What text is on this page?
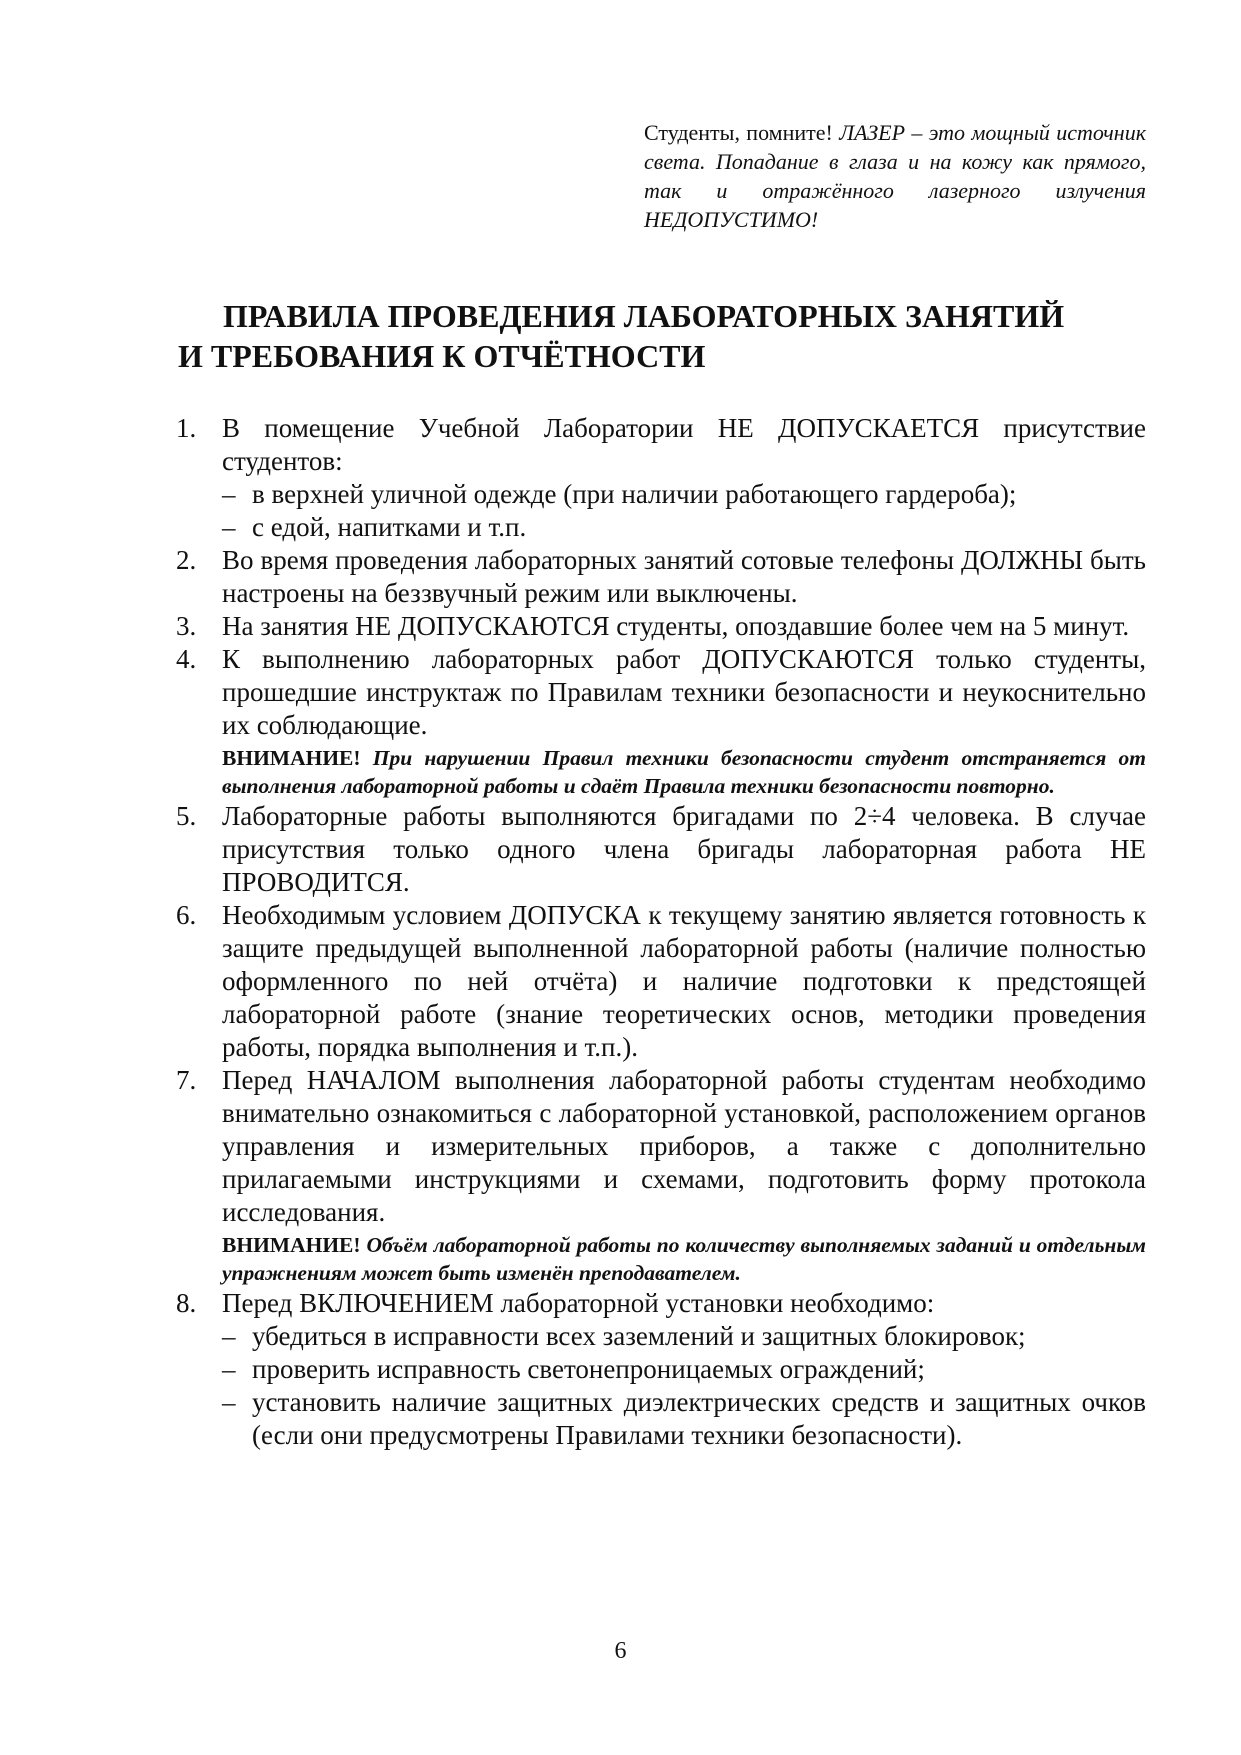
Студенты, помните! ЛАЗЕР – это мощный источник света. Попадание в глаза и на кожу как прямого, так и отражённого лазерного излучения НЕДОПУСТИМО!
ПРАВИЛА ПРОВЕДЕНИЯ ЛАБОРАТОРНЫХ ЗАНЯТИЙ
И ТРЕБОВАНИЯ К ОТЧЁТНОСТИ
1. В помещение Учебной Лаборатории НЕ ДОПУСКАЕТСЯ присутствие студентов:
– в верхней уличной одежде (при наличии работающего гардероба);
– с едой, напитками и т.п.
2. Во время проведения лабораторных занятий сотовые телефоны ДОЛЖНЫ быть настроены на беззвучный режим или выключены.
3. На занятия НЕ ДОПУСКАЮТСЯ студенты, опоздавшие более чем на 5 минут.
4. К выполнению лабораторных работ ДОПУСКАЮТСЯ только студенты, прошедшие инструктаж по Правилам техники безопасности и неукоснительно их соблюдающие.
ВНИМАНИЕ! При нарушении Правил техники безопасности студент отстраняется от выполнения лабораторной работы и сдаёт Правила техники безопасности повторно.
5. Лабораторные работы выполняются бригадами по 2÷4 человека. В случае присутствия только одного члена бригады лабораторная работа НЕ ПРОВОДИТСЯ.
6. Необходимым условием ДОПУСКА к текущему занятию является готовность к защите предыдущей выполненной лабораторной работы (наличие полностью оформленного по ней отчёта) и наличие подготовки к предстоящей лабораторной работе (знание теоретических основ, методики проведения работы, порядка выполнения и т.п.).
7. Перед НАЧАЛОМ выполнения лабораторной работы студентам необходимо внимательно ознакомиться с лабораторной установкой, расположением органов управления и измерительных приборов, а также с дополнительно прилагаемыми инструкциями и схемами, подготовить форму протокола исследования.
ВНИМАНИЕ! Объём лабораторной работы по количеству выполняемых заданий и отдельным упражнениям может быть изменён преподавателем.
8. Перед ВКЛЮЧЕНИЕМ лабораторной установки необходимо:
– убедиться в исправности всех заземлений и защитных блокировок;
– проверить исправность светонепроницаемых ограждений;
– установить наличие защитных диэлектрических средств и защитных очков (если они предусмотрены Правилами техники безопасности).
6
